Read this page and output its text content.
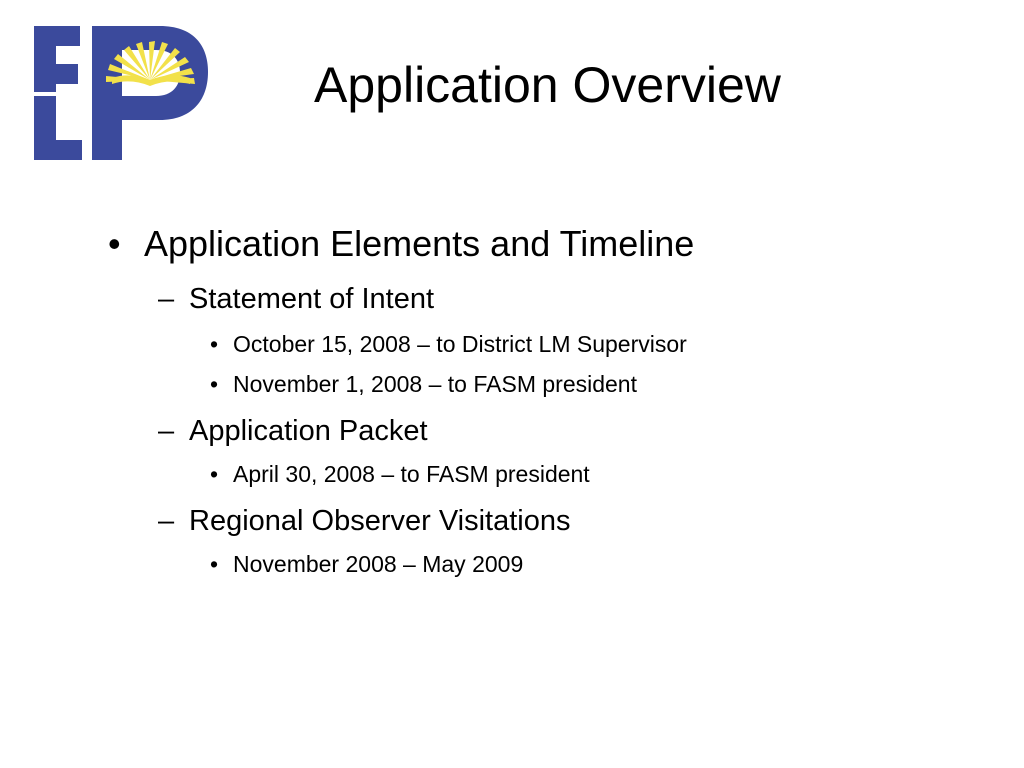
Application Overview
• Application Elements and Timeline
– Statement of Intent
• October 15, 2008 – to District LM Supervisor
• November 1, 2008 – to FASM president
– Application Packet
• April 30, 2008 – to FASM president
– Regional Observer Visitations
• November 2008 – May 2009
